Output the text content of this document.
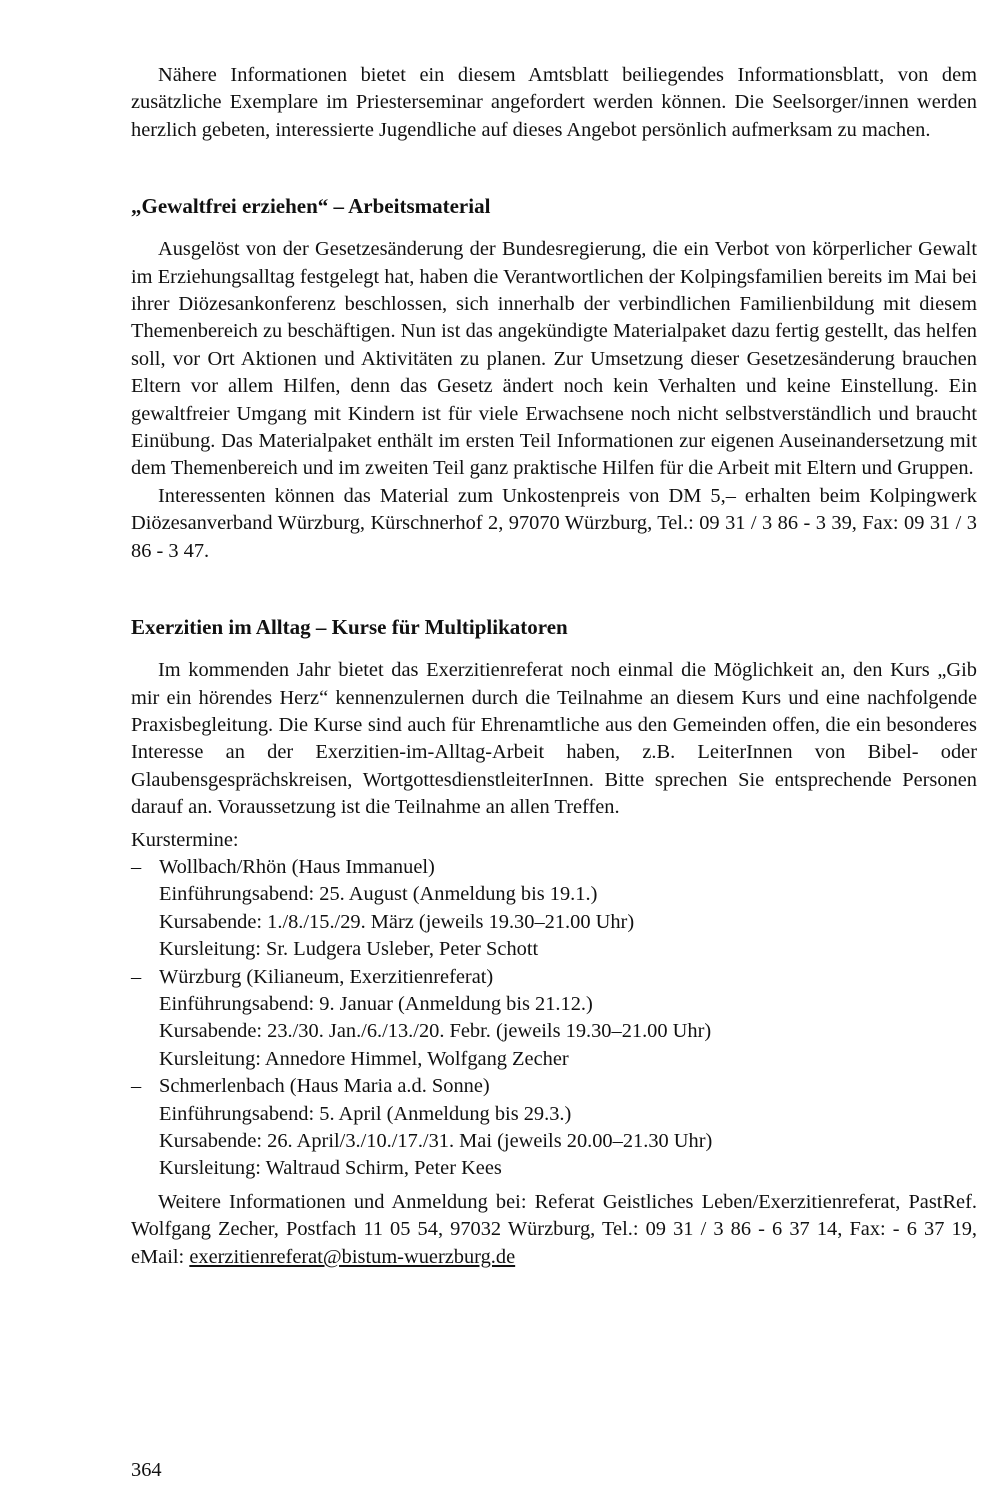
Nähere Informationen bietet ein diesem Amtsblatt beiliegendes Informationsblatt, von dem zusätzliche Exemplare im Priesterseminar angefordert werden können. Die Seelsorger/innen werden herzlich gebeten, interessierte Jugendliche auf dieses Angebot persönlich aufmerksam zu machen.

„Gewaltfrei erziehen“ – Arbeitsmaterial

Ausgelöst von der Gesetzesänderung der Bundesregierung, die ein Verbot von körperlicher Gewalt im Erziehungsalltag festgelegt hat, haben die Verantwortlichen der Kolpingsfamilien bereits im Mai bei ihrer Diözesankonferenz beschlossen, sich innerhalb der verbindlichen Familienbildung mit diesem Themenbereich zu beschäftigen. Nun ist das angekündigte Materialpaket dazu fertig gestellt, das helfen soll, vor Ort Aktionen und Aktivitäten zu planen. Zur Umsetzung dieser Gesetzesänderung brauchen Eltern vor allem Hilfen, denn das Gesetz ändert noch kein Verhalten und keine Einstellung. Ein gewaltfreier Umgang mit Kindern ist für viele Erwachsene noch nicht selbstverständlich und braucht Einübung. Das Materialpaket enthält im ersten Teil Informationen zur eigenen Auseinandersetzung mit dem Themenbereich und im zweiten Teil ganz praktische Hilfen für die Arbeit mit Eltern und Gruppen.

Interessenten können das Material zum Unkostenpreis von DM 5,– erhalten beim Kolpingwerk Diözesanverband Würzburg, Kürschnerhof 2, 97070 Würzburg, Tel.: 09 31 / 3 86 - 3 39, Fax: 09 31 / 3 86 - 3 47.

Exerzitien im Alltag – Kurse für Multiplikatoren

Im kommenden Jahr bietet das Exerzitienreferat noch einmal die Möglichkeit an, den Kurs „Gib mir ein hörendes Herz“ kennenzulernen durch die Teilnahme an diesem Kurs und eine nachfolgende Praxisbegleitung. Die Kurse sind auch für Ehrenamtliche aus den Gemeinden offen, die ein besonderes Interesse an der Exerzitien-im-Alltag-Arbeit haben, z.B. LeiterInnen von Bibel- oder Glaubensgesprächskreisen, WortgottesdienstleiterInnen. Bitte sprechen Sie entsprechende Personen darauf an. Voraussetzung ist die Teilnahme an allen Treffen.

Kurstermine:

– Wollbach/Rhön (Haus Immanuel)
Einführungsabend: 25. August (Anmeldung bis 19.1.)
Kursabende: 1./8./15./29. März (jeweils 19.30–21.00 Uhr)
Kursleitung: Sr. Ludgera Usleber, Peter Schott
– Würzburg (Kilianeum, Exerzitienreferat)
Einführungsabend: 9. Januar (Anmeldung bis 21.12.)
Kursabende: 23./30. Jan./6./13./20. Febr. (jeweils 19.30–21.00 Uhr)
Kursleitung: Annedore Himmel, Wolfgang Zecher
– Schmerlenbach (Haus Maria a.d. Sonne)
Einführungsabend: 5. April (Anmeldung bis 29.3.)
Kursabende: 26. April/3./10./17./31. Mai (jeweils 20.00–21.30 Uhr)
Kursleitung: Waltraud Schirm, Peter Kees

Weitere Informationen und Anmeldung bei: Referat Geistliches Leben/Exerzitienreferat, PastRef. Wolfgang Zecher, Postfach 11 05 54, 97032 Würzburg, Tel.: 09 31 / 3 86 - 6 37 14, Fax: - 6 37 19, eMail: exerzitienreferat@bistum-wuerzburg.de

364
